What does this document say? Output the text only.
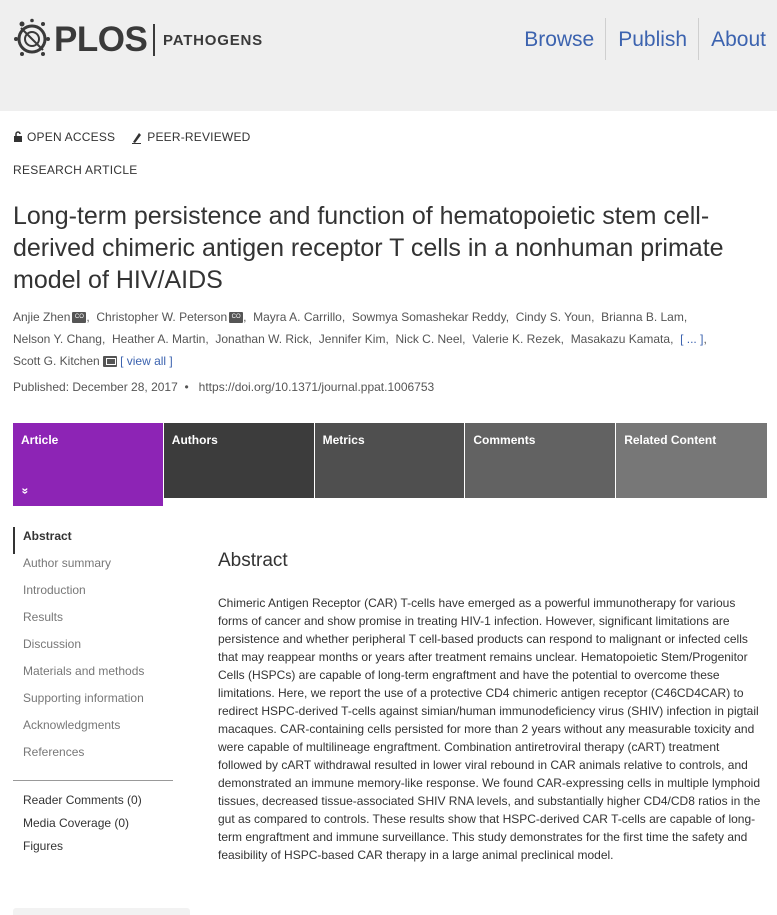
PLOS PATHOGENS	Browse	Publish	About
OPEN ACCESS	PEER-REVIEWED
RESEARCH ARTICLE
Long-term persistence and function of hematopoietic stem cell-derived chimeric antigen receptor T cells in a nonhuman primate model of HIV/AIDS
Anjie Zhen CO ,  Christopher W. Peterson CO ,  Mayra A. Carrillo,  Sowmya Somashekar Reddy,  Cindy S. Youn,  Brianna B. Lam,
Nelson Y. Chang,  Heather A. Martin,  Jonathan W. Rick,  Jennifer Kim,  Nick C. Neel,  Valerie K. Rezek,  Masakazu Kamata,  [ ... ],
Scott G. Kitchen [ view all ]
Published: December 28, 2017  •   https://doi.org/10.1371/journal.ppat.1006753
Article
»
Authors	Metrics	Comments	Related Content
Abstract
Author summary
Introduction
Results
Discussion
Materials and methods
Supporting information
Acknowledgments
References
Reader Comments (0)
Media Coverage (0)
Figures
Abstract

Chimeric Antigen Receptor (CAR) T-cells have emerged as a powerful immunotherapy for various forms of cancer and show promise in treating HIV-1 infection. However, significant limitations are persistence and whether peripheral T cell-based products can respond to malignant or infected cells that may reappear months or years after treatment remains unclear. Hematopoietic Stem/Progenitor Cells (HSPCs) are capable of long-term engraftment and have the potential to overcome these limitations. Here, we report the use of a protective CD4 chimeric antigen receptor (C46CD4CAR) to redirect HSPC-derived T-cells against simian/human immunodeficiency virus (SHIV) infection in pigtail macaques. CAR-containing cells persisted for more than 2 years without any measurable toxicity and were capable of multilineage engraftment. Combination antiretroviral therapy (cART) treatment followed by cART withdrawal resulted in lower viral rebound in CAR animals relative to controls, and demonstrated an immune memory-like response. We found CAR-expressing cells in multiple lymphoid tissues, decreased tissue-associated SHIV RNA levels, and substantially higher CD4/CD8 ratios in the gut as compared to controls. These results show that HSPC-derived CAR T-cells are capable of long-term engraftment and immune surveillance. This study demonstrates for the first time the safety and feasibility of HSPC-based CAR therapy in a large animal preclinical model.
